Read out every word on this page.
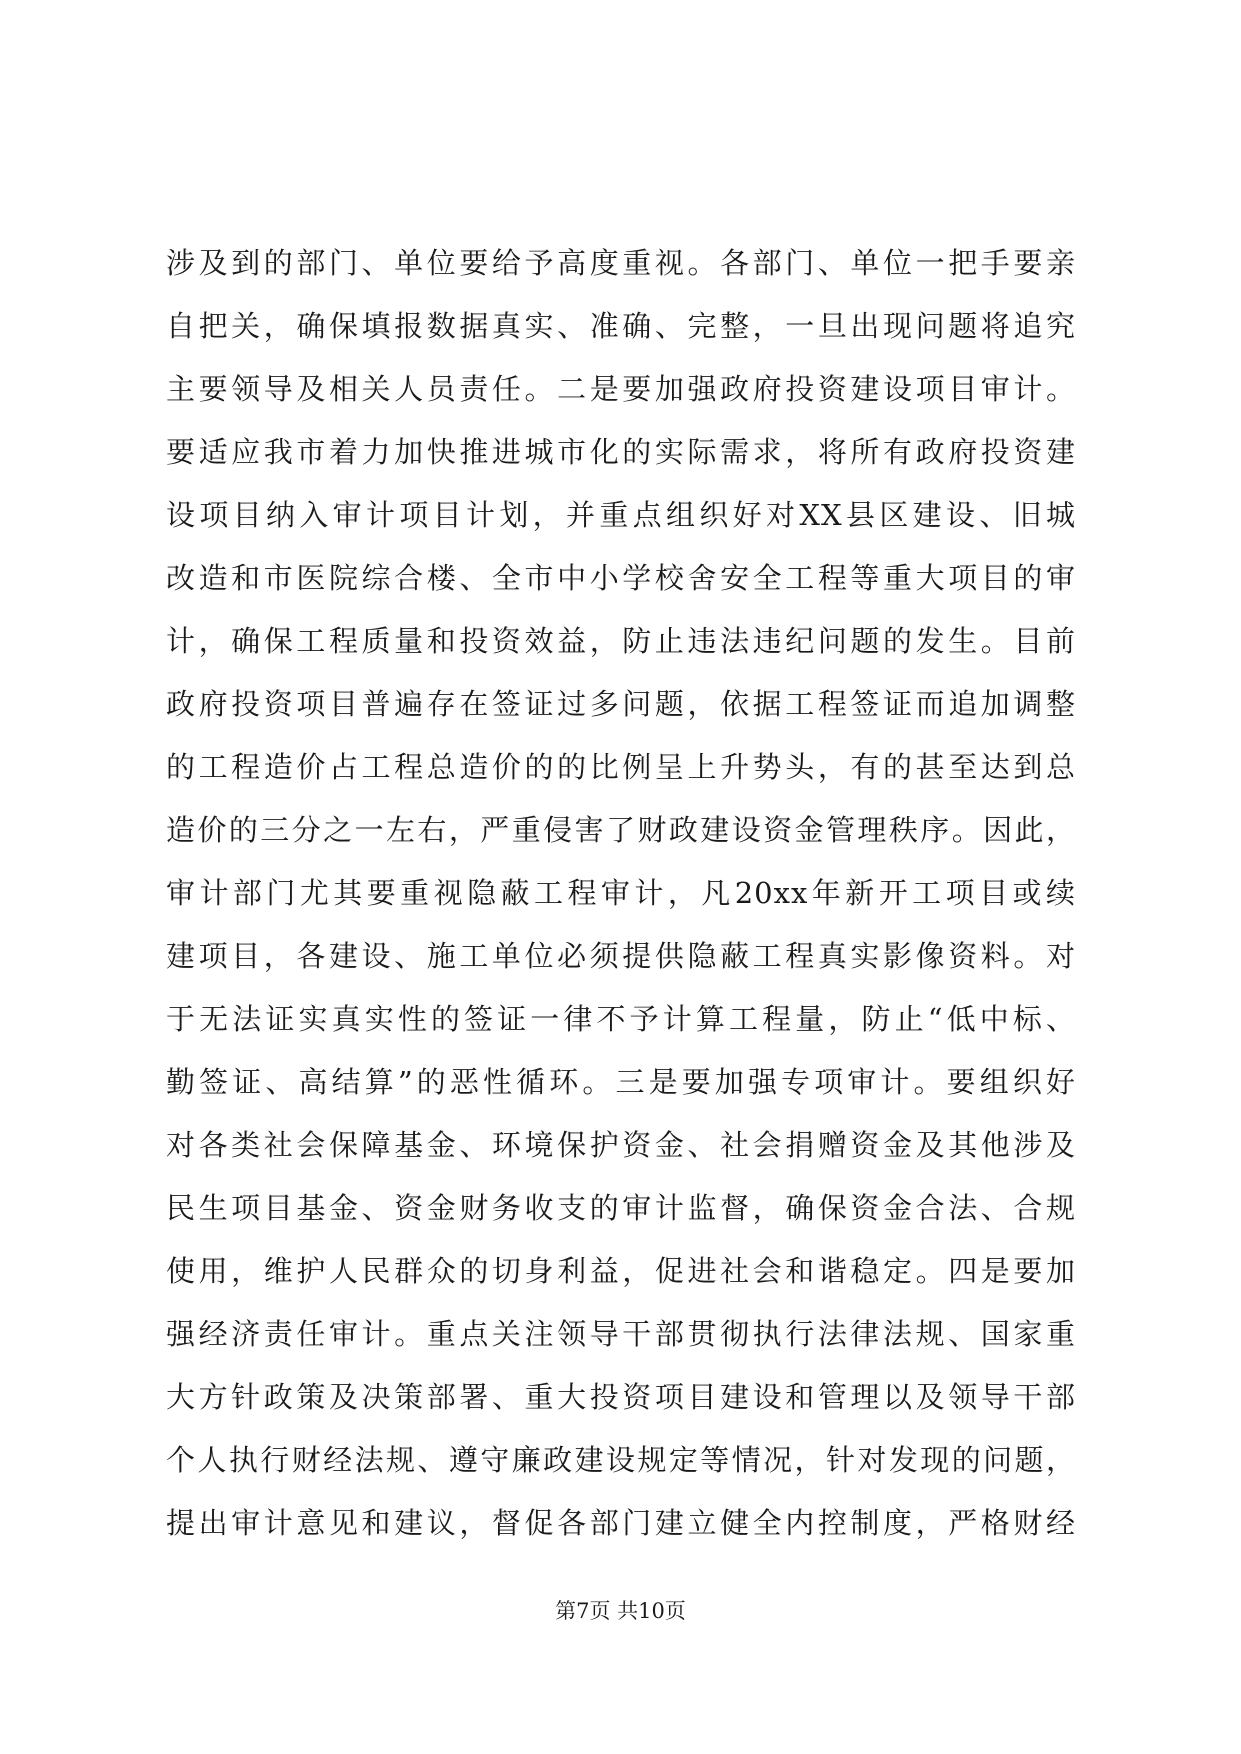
涉及到的部门、单位要给予高度重视。各部门、单位一把手要亲
自把关，确保填报数据真实、准确、完整，一旦出现问题将追究
主要领导及相关人员责任。二是要加强政府投资建设项目审计。
要适应我市着力加快推进城市化的实际需求，将所有政府投资建
设项目纳入审计项目计划，并重点组织好对XX县区建设、旧城
改造和市医院综合楼、全市中小学校舍安全工程等重大项目的审
计，确保工程质量和投资效益，防止违法违纪问题的发生。目前
政府投资项目普遍存在签证过多问题，依据工程签证而追加调整
的工程造价占工程总造价的的比例呈上升势头，有的甚至达到总
造价的三分之一左右，严重侵害了财政建设资金管理秩序。因此，
审计部门尤其要重视隐蔽工程审计，凡20xx年新开工项目或续
建项目，各建设、施工单位必须提供隐蔽工程真实影像资料。对
于无法证实真实性的签证一律不予计算工程量，防止“低中标、
勤签证、高结算”的恶性循环。三是要加强专项审计。要组织好
对各类社会保障基金、环境保护资金、社会捐赠资金及其他涉及
民生项目基金、资金财务收支的审计监督，确保资金合法、合规
使用，维护人民群众的切身利益，促进社会和谐稳定。四是要加
强经济责任审计。重点关注领导干部贯彻执行法律法规、国家重
大方针政策及决策部署、重大投资项目建设和管理以及领导干部
个人执行财经法规、遵守廉政建设规定等情况，针对发现的问题，
提出审计意见和建议，督促各部门建立健全内控制度，严格财经
第7页 共10页
